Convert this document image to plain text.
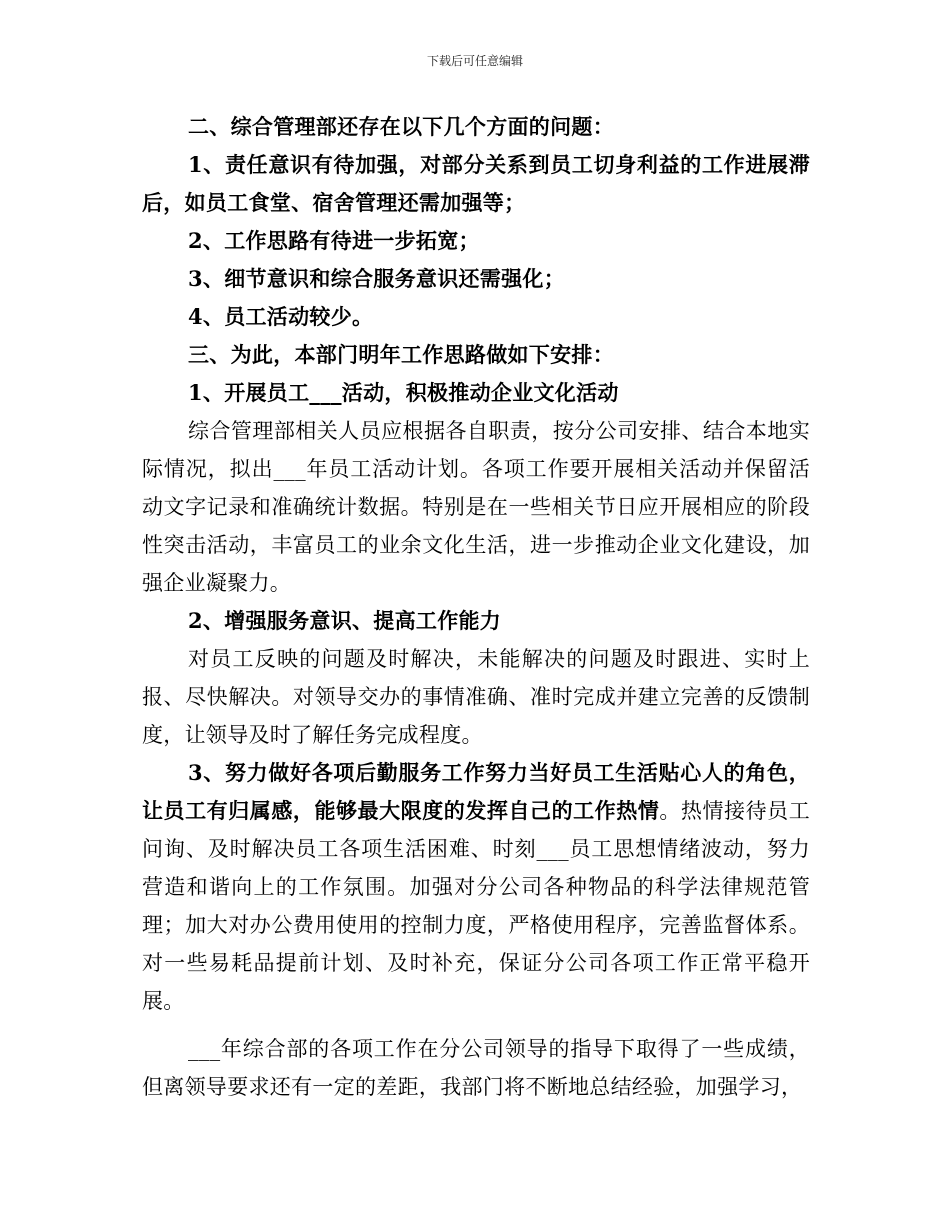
下载后可任意编辑

二、综合管理部还存在以下几个方面的问题：

1、责任意识有待加强，对部分关系到员工切身利益的工作进展滞后，如员工食堂、宿舍管理还需加强等；

2、工作思路有待进一步拓宽；

3、细节意识和综合服务意识还需强化；

4、员工活动较少。

三、为此，本部门明年工作思路做如下安排：

1、开展员工___活动，积极推动企业文化活动

综合管理部相关人员应根据各自职责，按分公司安排、结合本地实际情况，拟出___年员工活动计划。各项工作要开展相关活动并保留活动文字记录和准确统计数据。特别是在一些相关节日应开展相应的阶段性突击活动，丰富员工的业余文化生活，进一步推动企业文化建设，加强企业凝聚力。

2、增强服务意识、提高工作能力

对员工反映的问题及时解决，未能解决的问题及时跟进、实时上报、尽快解决。对领导交办的事情准确、准时完成并建立完善的反馈制度，让领导及时了解任务完成程度。

3、努力做好各项后勤服务工作努力当好员工生活贴心人的角色，让员工有归属感，能够最大限度的发挥自己的工作热情。热情接待员工问询、及时解决员工各项生活困难、时刻___员工思想情绪波动，努力营造和谐向上的工作氛围。加强对分公司各种物品的科学法律规范管理；加大对办公费用使用的控制力度，严格使用程序，完善监督体系。对一些易耗品提前计划、及时补充，保证分公司各项工作正常平稳开展。

___年综合部的各项工作在分公司领导的指导下取得了一些成绩，但离领导要求还有一定的差距，我部门将不断地总结经验，加强学习，
